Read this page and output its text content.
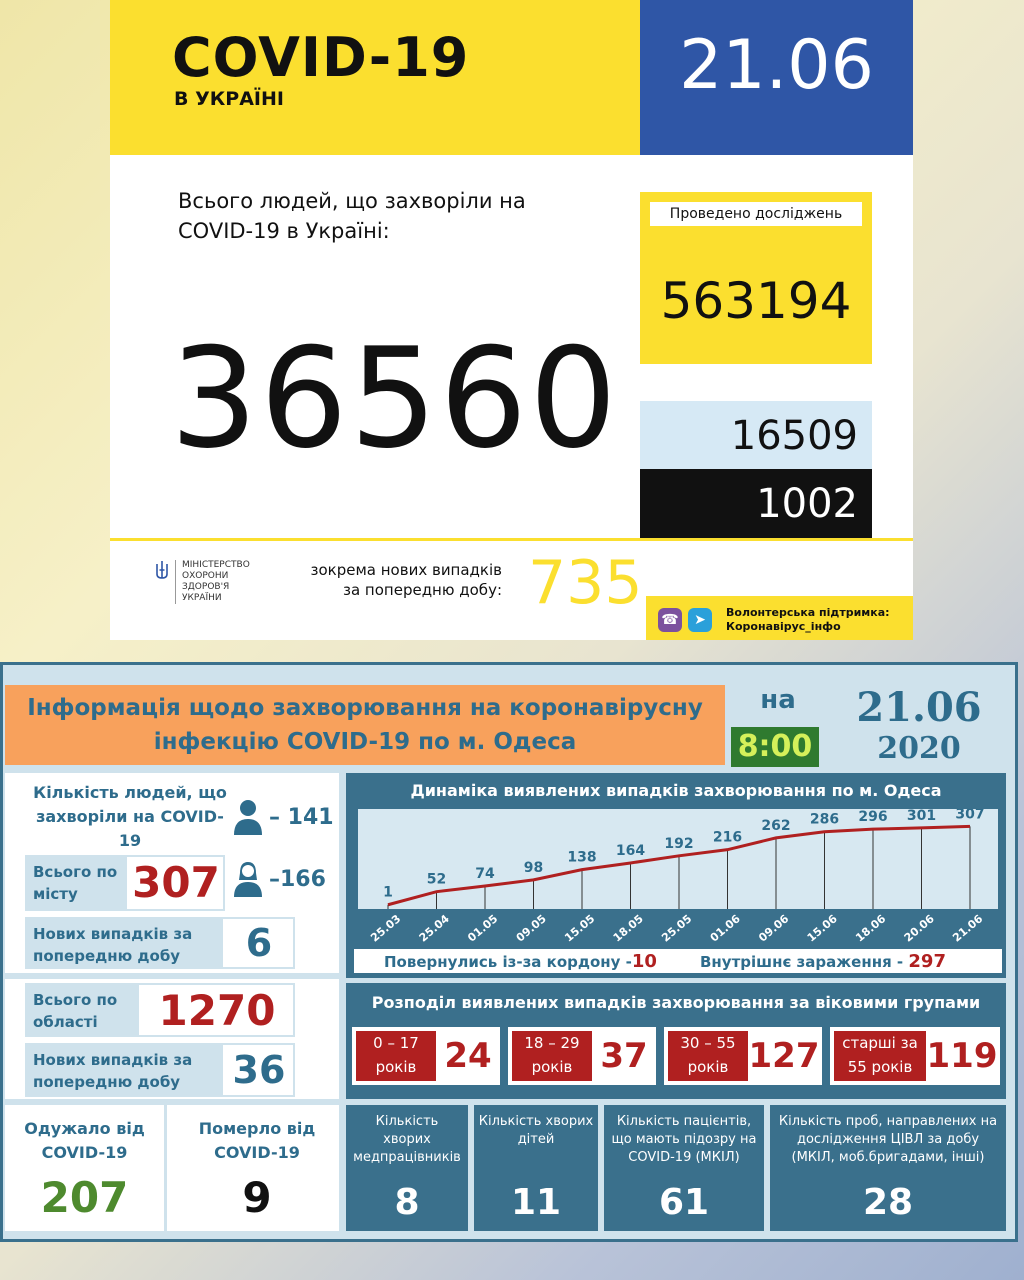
COVID-19
В УКРАЇНІ	21.06
Всього людей, що захворіли на COVID-19 в Україні:
36560
Проведено досліджень
563194
16509
1002
МІНІСТЕРСТВО ОХОРОНИ ЗДОРОВ'Я УКРАЇНИ
зокрема нових випадків за попередню добу: 735
☎	➤	Волонтерська підтримка: Коронавірус_інфо
Інформація щодо захворювання на коронавірусну інфекцію COVID-19 по м. Одеса
на
8:00
21.06
2020
Кількість людей, що захворіли на COVID-19
– 141
–166
Всього по місту	307
Нових випадків за попередню добу	6
Всього по області	1270
Нових випадків за попередню добу	36
Динаміка виявлених випадків захворювання по м. Одеса
1
25.03
52
25.04
74
01.05
98
09.05
138
15.05
164
18.05
192
25.05
216
01.06
262
09.06
286
15.06
296
18.06
301
20.06
307
21.06
Повернулись із-за кордону -10	Внутрішнє зараження - 297
Розподіл виявлених випадків захворювання за віковими групами
0 – 17 років 24	18 – 29 років 37	30 – 55 років 127	старші за 55 років 119
Одужало від COVID-19
207
Померло від COVID-19
9
Кількість хворих медпрацівників
8
Кількість хворих дітей
11
Кількість пацієнтів, що мають підозру на COVID-19 (МКІЛ)
61
Кількість проб, направлених на дослідження ЦІВЛ за добу (МКІЛ, моб.бригадами, інші)
28
